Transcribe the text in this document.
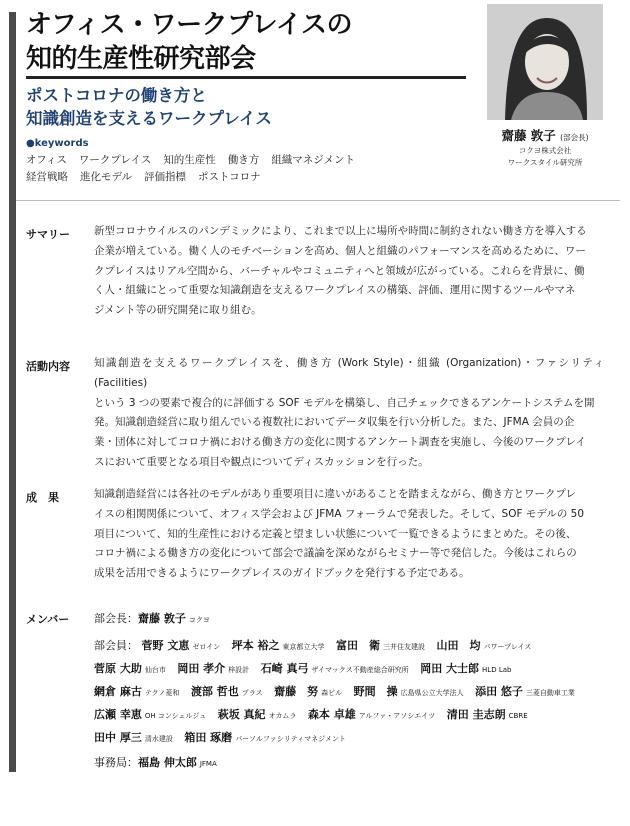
オフィス・ワークプレイスの
知的生産性研究部会
ポストコロナの働き方と
知識創造を支えるワークプレイス
●keywords
オフィス ワークプレイス 知的生産性 働き方 組織マネジメント
経営戦略 進化モデル 評価指標 ポストコロナ
齋藤 敦子 (部会長)
コクヨ株式会社
ワークスタイル研究所
サマリー 新型コロナウイルスのパンデミックにより、これまで以上に場所や時間に制約されない働き方を導入する
企業が増えている。働く人のモチベーションを高め、個人と組織のパフォーマンスを高めるために、ワー
クプレイスはリアル空間から、バーチャルやコミュニティへと領域が広がっている。これらを背景に、働
く人・組織にとって重要な知識創造を支えるワークプレイスの構築、評価、運用に関するツールやマネ
ジメント等の研究開発に取り組む。
活動内容 知識創造を支えるワークプレイスを、働き方 (Work Style)・組織 (Organization)・ファシリティ (Facilities)
という 3 つの要素で複合的に評価する SOF モデルを構築し、自己チェックできるアンケートシステムを開
発。知識創造経営に取り組んでいる複数社においてデータ収集を行い分析した。また、JFMA 会員の企
業・団体に対してコロナ禍における働き方の変化に関するアンケート調査を実施し、今後のワークプレイ
スにおいて重要となる項目や観点についてディスカッションを行った。
成　果	知識創造経営には各社のモデルがあり重要項目に違いがあることを踏まえながら、働き方とワークプレ
イスの相関関係について、オフィス学会および JFMA フォーラムで発表した。そして、SOF モデルの 50
項目について、知的生産性における定義と望ましい状態について一覧できるようにまとめた。その後、
コロナ禍による働き方の変化について部会で議論を深めながらセミナー等で発信した。今後はこれらの
成果を活用できるようにワークプレイスのガイドブックを発行する予定である。
メンバー 部会長：齋藤 敦子 コクヨ
部会員： 菅野 文恵 ゼロイン 坪本 裕之 東京都立大学 富田　衛 三井住友建設 山田　均 パワープレイス
菅原 大助 仙台市 岡田 孝介 梓設計 石崎 真弓 ザイマックス不動産総合研究所 岡田 大士郎 HLD Lab
網倉 麻古 テクノ菱和 渡部 哲也 プラス 齋藤　努 森ビル 野間　操 広島県公立大学法人 添田 悠子 三菱自動車工業
広瀬 幸恵 OH コンシェルジュ 萩坂 真紀 オカムラ 森本 卓雄 アルファ・アソシエイツ 清田 圭志朗 CBRE
田中 厚三 清水建設 箱田 琢磨 パーソルファシリティマネジメント
事務局：福島 伸太郎 JFMA
